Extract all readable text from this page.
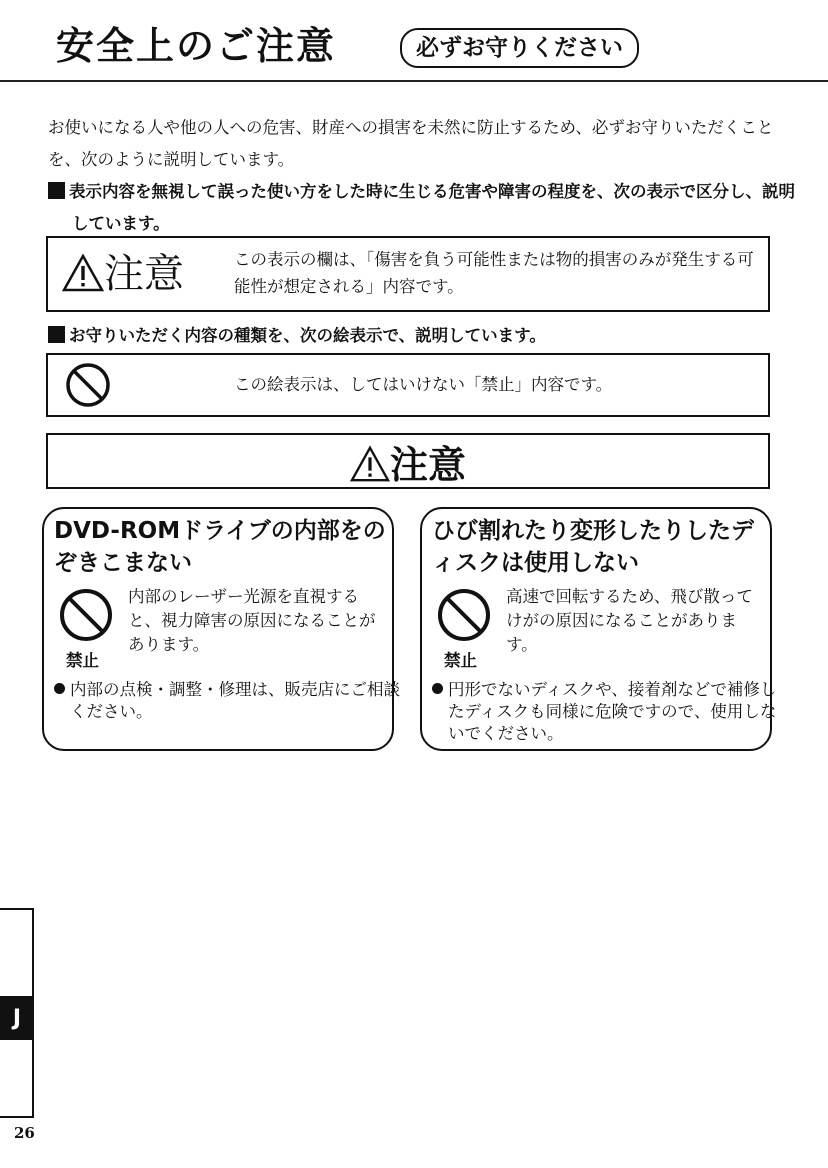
安全上のご注意	必ずお守りください
お使いになる人や他の人への危害、財産への損害を未然に防止するため、必ずお守りいただくことを、次のように説明しています。
表示内容を無視して誤った使い方をした時に生じる危害や障害の程度を、次の表示で区分し、説明しています。
注意	この表示の欄は、「傷害を負う可能性または物的損害のみが発生する可能性が想定される」内容です。
お守りいただく内容の種類を、次の絵表示で、説明しています。
この絵表示は、してはいけない「禁止」内容です。
注意
DVD-ROMドライブの内部をのぞきこまない
内部のレーザー光源を直視すると、視力障害の原因になることがあります。
禁止
内部の点検・調整・修理は、販売店にご相談ください。
ひび割れたり変形したりしたディスクは使用しない
高速で回転するため、飛び散ってけがの原因になることがあります。
禁止
円形でないディスクや、接着剤などで補修したディスクも同様に危険ですので、使用しないでください。
J
26
